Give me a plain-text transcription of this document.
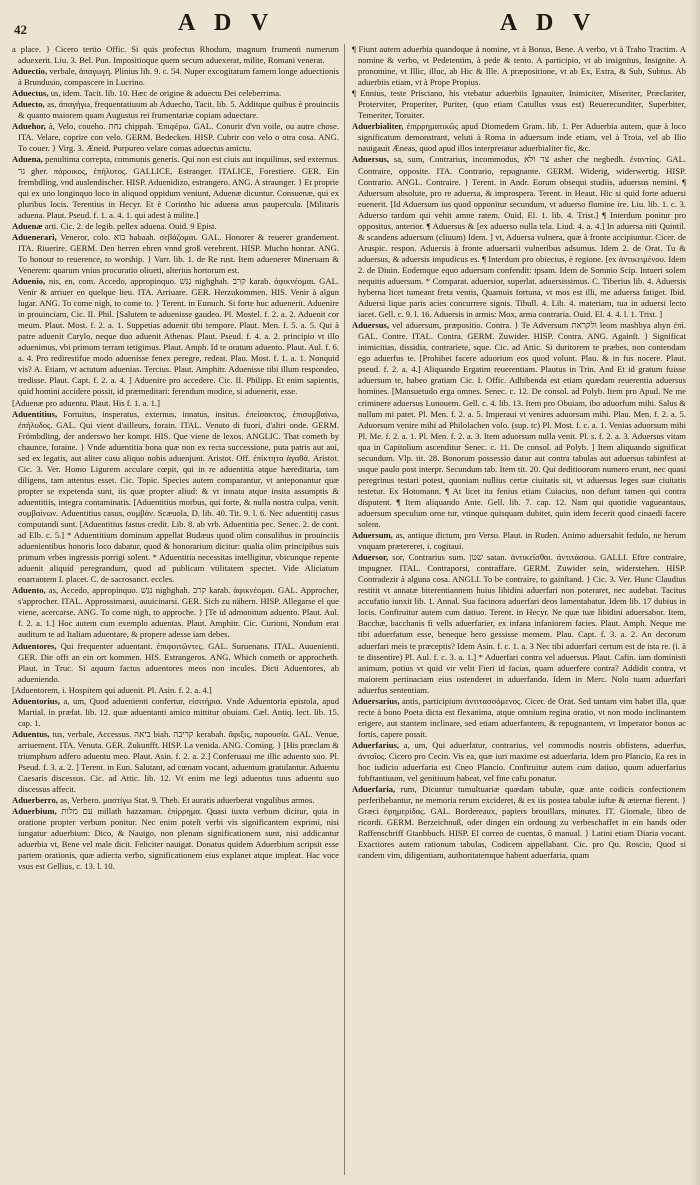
42	A D V	A D V

a place. } Cicero tertio Offic. Si quis profectus Rhodum, magnum frumenti numerum aduexerit. Liu. 3. Bel. Pun. Impositioque quem secum aduexerat, milite, Romani venerat.

Aduectio, verbale, ἀπαγωγή. Plinius lib. 9. c. 54. Nuper excogitatum famem longe aduectionis à Brundusio, compascere in Lucrino.

Aduectus, us, idem. Tacit. lib. 10. Hæc de origine & aduectu Dei celeberrima.

Aduecto, as, ἀπαγήγω, frequentatiuum ab Aduecho, Tacit. lib. 5. Additque quibus è prouinciis & quanto maiorem quam Augustus rei frumentariæ copiam aduectare.

Aduehor, à, Velo, coueho. נחת chippah. Ἐπιφέρω. GAL. Conurir d'vn voile, ou autre chose. ITA. Velare, coprire con velo. GERM. Bedecken. HISP. Cubrir con velo o otra cosa. ANG. To couer. } Virg. 3. Æneid. Purpureo velare comas aduectus amictu.

Aduena, penultima correpta, communis generis. Qui non est ciuis aut inquilinus, sed externus. גר gher. πάροικος, ἐπήλυτος. GALLICE, Estranger. ITALICE, Forestiere. GER. Ein frembdling, vnd auslendischer. HISP. Aduenidizo, estrangero. ANG. A straunger. } Et proprie qui ex uno longinquo loco in aliquod oppidum veniunt, Aduenæ dicuntur. Consuenæ, qui ex pluribus locis. Terentius in Hecyr. Et è Corintho hic aduena anus paupercula. [Militaris aduena. Plaut. Pseud. f. 1. a. 4. 1. qui adest à milite.]

Aduenæ arti. Cic. 2. de legib. pellex aduena. Ouid. 9 Epist.

Aduenerari, Veneror, colo. בוא habaah. σεβάζομαι. GAL. Honorer & reuerer grandement. ITA. Riuerire. GERM. Den herren ehren vnnd groß verehrent. HISP. Mucho honrar. ANG. To honour to reuerence, to worship. } Varr. lib. 1. de Re rust. Item aduenerer Mineruam & Venerem: quarum vnius procuratio oliueti, alterius hortorum est.

Aduenio, nis, en, com. Accedo, appropinquo. נִגַּשׁ nighghah. קרב karab. ἀφικνέομαι. GAL. Venir & arriuer en quelque lieu. ITA. Arriuare. GER. Herzukommen. HIS. Venir à algun lugar. ANG. To come nigh, to come to. } Terent. in Eunuch. Si forte huc aduenerit. Aduenire in prouinciam, Cic. II. Phil. [Salutem te aduenisse gaudeo. Pl. Mostel. f. 2. a. 2. Aduenit cor meum. Plaut. Most. f. 2. a. 1. Suppetias aduenit tibi tempore. Plaut. Men. f. 5. a. 5. Qui à patre aduenit Carylo, neque duo aduenit Athenas. Plaut. Pseud. f. 4. a. 2. principio vt illo aduenimus, vbi primum terram tetigimus. Plaut. Amph. Id te oratum aduento. Plaut. Aul. f. 6. a. 4. Pro redirestifue modo aduenisse fenex peregre, redeat. Plau. Most. f. 1. a. 1. Nonquid vis? A. Etiam, vt actutum aduenias. Tercius. Plaut. Amphitr. Aduenisse tibi illum respondeo, tredisse. Plaut. Capt. f. 2. a. 4. ] Aduenire pro accedere. Cic. II. Philipp. Et enim sapientis, quid homini accidere possit, id præmeditari: ferendum modice, si aduenerit, esse.

[Aduenæ pro aduentu. Plaut. His f. 1. a. 1.]

Aduentitius, Fortuitus, insperatus, externus, innatus, insitus. ἐπείσακτος, ἐπισυμβαίνω, ἐπήλυδος. GAL. Qui vient d'ailleurs, forain. ITAL. Venuto di fuori, d'altri onde. GERM. Frömbdling, der anderswo her kompt. HIS. Que viene de lexos. ANGLIC. That cometh by chaunce, foraine. } Vnde aduentitia bona quæ non ex recta successione, puta patris aut aui, sed ex legatis, aut aliter casu aliquo nobis aduenjunt. Aristot. Off. ἐπίκτητα ἀγαθά. Aristot. Cic. 3. Ver. Homo Ligurem acculare cœpit, qui in re aduentitia atque hæreditaria, tam diligens, tam attentus esset. Cic. Topic. Species autem comparantur, vt anteponantur quæ propter se expetenda sunt, iis quæ propter aliud: & vt innata atque insita assumptis & aduentitiis, integra contaminatis. [Aduentitius morbus, qui forte, & nulla nostra culpa, venit. συμβαίνων. Aduentitius casus, συμβάν. Scæuola, D. lib. 40. Tit. 9. l. 6. Nec aduentitij casus computandi sunt. [Aduentitius fastus credit. Lib. 8. ab vrb. Aduentitia pec. Senec. 2. de cont. ad Elb. c. 5.] * Aduentitium dominum appellat Budæus quod olim consulibus in prouinciis aduenientibus honoris loco dabatur, quod & honorarium dicitur: qualia olim principibus suis primum vrbes ingressis porrigi solent. * Aduentitia necessitas intelligitur, vbicunque repente aduenit aliquid peregrandum, quod ad publicam vtilitatem spectet. Vide Aliciatum enarrantem I. placet. C. de sacrosanct. eccles.

Aduento, as, Accedo, appropinquo. נִגַּשׁ nighghah. קרב karab. ἀφικνέομαι. GAL. Approcher, s'approcher. ITAL. Approssimarsi, auuicinarsi. GER. Sich zu nähern. HISP. Allegarse el que viene, acercarse. ANG. To come nigh, to approche. } [Te id admonitum aduento. Plaut. Aul. f. 2. a. 1.] Hoc autem cum exemplo aduentas. Plaut. Amphitr. Cic. Curioni, Nondum erat auditum te ad Italiam aduentare, & propere adesse iam debes.

Aduentores, Qui frequenter aduentant. ἐπιφοιτῶντες. GAL. Suruenans. ITAL. Auuenienti. GER. Die offt an ein ort kommen. HIS. Estrangeros. ANG. Which cometh or approcheth. Plaut. in Truc. Si aquum factus aduentores meos non incules. Dicti Aduentores, ab adueniendo.

[Aduentorem, i. Hospitem qui aduenit. Pl. Asin. f. 2. a. 4.]

Aduentorius, a, um, Quod aduenienti confertur, εἰσιτήρια. Vnde Aduentoria epistola, apud Martial. in præfat. lib. 12. quæ aduentanti amico mittitur obuiam. Cæl. Antiq. lect. lib. 15. cap. 1.

Aduentus, tus, verbale, Accessus. ביאה biah. קריבה kerabah. ἄφιξις, παρουσία. GAL. Venue, arriuement. ITA. Venuta. GER. Zukunfft. HISP. La venida. ANG. Coming. } [His præclam & triumphum adfero aduentu meo. Plaut. Asin. f. 2. a. 2.] Conferuaui me illic aduento suo. Pl. Pseud. f. 3. a. 2. ] Terent. in Eun. Salutant, ad cœnam vocant, aduentum gratulantur. Aduentu Caesaris discessus. Cic. ad Attic. lib. 12. Vt enim me legi aduentus tuus aduentu suo discessus affecit.

Aduerberro, as, Verbero. μαστίγω Stat. 9. Theb. Et auratis aduerberat vngulibus armos.

Aduerbium, עם מלות millath hazzaman. ἐπίρρημα. Quasi iuxta verbum dicitur, quia in oratione propter verbum ponitur. Nec enim poteſt verbi vis significantem exprimi, nisi iungatur aduerbium: Dico, & Nauigo, non plenam significationem sunt, nisi addicantur aduerbia vt, Bene vel male dicit. Feliciter nauigat. Donatus quidem Aduerbium scripsit esse partem orationis, quæ adiecta verbo, significationem eius explanet atque impleat. Hac voce vsus est Gellius, c. 13. l. 10.

¶ Fiunt autem aduerbia quandoque à nomine, vt à Bonus, Bene. A verbo, vt à Traho Tractim. A nomine & verbo, vt Pedetentim, à pede & tento. A participio, vt ab insignitus, Insignite. A pronomine, vt Illic, illuc, ab Hic & Ille. A præpositione, vt ab Ex, Extra, & Sub, Subtus. Ab aduerbiis etiam, vt à Prope Propius.

¶ Ennius, teste Prisciano, his vtebatur aduerbiis Ignauiter, Inimiciter, Miseriter, Præclariter, Proterviter, Properiter, Puriter, (quo etiam Catullus vsus est) Reuerecunditer, Superbiter, Temeriter, Toruiter.

Aduerbialiter, ἐπιρρηματικῶς apud Diomedem Gram. lib. 1. Per Aduerbia autem, quæ à loco significatum demonstrant, veluti à Roma in aduersum inde etiam, vel à Troia, vel ab Ilio nauigauit Æneas, quod apud illos interpretatur aduerbialiter fic, &c.

Aduersus, sa, sum, Contrarius, incommodus, צר ולא asher che negbedh. ἐναντίος. GAL. Contraire, opposite. ITA. Contrario, repugnante. GERM. Widerig, widerwertig. HISP. Contrario. ANGL. Contraire. } Terent. in Andr. Eorum obsequi studiis, aduersus nemini. ¶ Aduersum absolute, pro re aduersa, & improspera. Terent. in Heaut. Hic si quid forte aduersi euenerit. [Id Aduersum ius quod opponitur secundum, vt aduerso flumine ire. Liu. lib. 1. c. 3. Aduerso tardum qui vehit amne ratem. Ouid. El. 1. lib. 4. Trist.] ¶ Interdum ponitur pro oppositus, anterior. ¶ Aduersus & [ex aduerso nulla tela. Liud. 4. a. 4.] In aduersa niti Quintil. & scandens aduersum (cliuum) Idem. ] vt, Aduersa vulnera, quæ à fronte accipiuntur. Cicer. de Aruspic. respon. Aduersis à fronte aduersarii vulneribus adsumus. Idem 2. de Orat. Tu & aduersus, & aduersis impudicus es. ¶ Interdum pro obiectus, è regione. [ex ἀντικειμένου. Idem 2. de Diuin. Eodemque equo aduersum confendit: tpsam. Idem de Somnio Scip. Intueri solem nequitis aduersum. * Comparat. aduersior, superlat. aduersissimus. C. Tiberius lib. 4. Aduersis hyberna licet tumeant freta ventis, Quamuis fortuna, vt mos est illi, me aduersa fatiget. Ibid. Aduersi lique paris acies concurrere signis. Tibull. 4. Lib. 4. materiam, tua in aduersi lecto iacet. Gell. c. 9. l. 16. Aduersis in armis: Mox, arma contraria. Ouid. El. 4. 4. l. 1. Trist. ]

Aduersus, vel aduersum, præpositio. Contra. } Te Adversum ולקראת leom mashbya ahyn ἐπί. GAL. Contre. ITAL. Contra. GERM. Zuwider. HISP. Contra. ANG. Againſt. } Significat inimicitias, dissidia, contrariete, sque. Cic. ad Attic. Si duritorem te præbes, non contendam ego aduerfus te. [Prohibet facere aduorium eos quod volunt. Plau. & in fus nocere. Plaut. pseud. f. 2. a. 4.] Aliquando Ergatim reuerentiam. Plautus in Trin. And Et id gratum fuisse aduersum te, habeo gratiam Cic. I. Offic. Adhibenda est etiam quædam reuerentia aduersus homines. [Mansuetudo erga omnes. Senec. c. 12. De consol. ad Polyb. Item pro Apud. Ne me criminere aduersus Lunouem. Gell. c. 4. lib. 13. Item pro Obuiam, ibo aduorfum mihi. Salus & nullum mi patet. Pl. Men. f. 2. a. 5. Imperaui vt venires aduorsum mihi. Plau. Men. f. 2. a. 5. Aduorsum venire mihi ad Philolachen volo. (sup. tc) Pl. Most. f. c. a. 1. Venias aduorsum mihi Pl. Me. f. 2. a. 1. Pl. Men. f. 2. a. 3. Item aduorsum nulla venit. Pl. s. f. 2. a. 3. Aduersus vitam qua in Capitolium ascenditur Senec. c. 11. De consol. ad Polyb. ] Item aliquando significat secundum. Vlp. tit. 28. Bonorum possessio datur aut contra tabulas aut aduersus tabinfest at usque paulo post interpr. Secundum tab. Item tit. 20. Qui deditioorum numero erunt, nec quasi peregrinus testari potest, quoniam nullius certæ ciuitatis sit, vt aduersus leges suæ ciuitatis testetur. Ex Hotomann. ¶ At licet ita fenius etiam Cuiacius, non defunt tamen qui contra disputent. ¶ Item aliquando Ante. Gell. lib. 7. cap. 12. Nam qui quotidie vagueantaus, aduersum speculum orne tur, vtinque quisquam dubitet, quin idem fecerit quod cinaedi facere solent.

Aduersum, as, antique dictum, pro Verso. Plaut. in Ruden. Animo aduersabit fedulo, ne herum vnquam prætereret, i. cogitaui.

Aduersor, sor, Contrarius sum. שטן satan. ἀντικεῖσθαι. ἀντιτάσσω. GALLI. Eftre contraire, impugner. ITAL. Contraporsi, contraffare. GERM. Zuwider sein, widerstehen. HISP. Contradezir à alguna cosa. ANGLI. To be contraire, to gainſtand. } Cic. 3. Ver. Hunc Claudius restitit vt annatæ biterentiannem huius libidini aduerfari non poteraret, nec audebat. Tacitus accufatio iunxit lib. 1. Annal. Sua facinora aduerfari deos lamentabatur. Idem lib. 17 dubius in locis. Conftruitur autem cum datiuo. Terent. in Hecyr. Ne quæ tuæ libidini aduersabor. Item, Bacchæ, bacchanis fi vells aduerfarier, ex infana infaniorem facies. Plaut. Amph. Neque me tibi aduerfatum esse, beneque hero gessisse memem. Plau. Capt. f. 3. a. 2. An decorum aduerfari meis te præceptis? Idem Asin. f. c. 1. a. 3 Nec tibi aduerfari certum est de ista re. (i. à te dissentire) Pl. Aul. f. c. 3. a. 1.] * Aduerfari contra vel aduersus. Plaut. Cafin. iam doministi animum, potius vt quid vir velit Fieri id facias, quam aduerfere contra? Addidit contra, vt maiorem pertinaciam eius ostenderet in aduerfando. Idem in Merc. Nolo tuam aduerfari aduerfus sententiam.

Aduersarius, antis, participium ἀντιτασσόμενος. Cicer. de Orat. Sed tantam vim habet illa, quæ recte à bono Poeta dicta est flexanima, atque omnium regina oratio, vt non modo inclinantem erigere, aut stantem inclinare, sed etiam aduerfantem, & repugnantem, vt Imperator bonus ac fortis, capere possit.

Aduerfarius, a, um, Qui aduerfatur, contrarius, vel commodis nostris obfistens, aduerfus, ἀνταῖος. Cicero pro Cecin. Vis ea, quæ iuri maxime est aduerfaria. Idem pro Plancio, Ea res in hoc iudicio aduerfaria est Cneo Plancio. Conftruitur autem cum datiuo, quum aduerfarius fubftantiuum, vel genitiuum habeat, vel fine cafu ponatur.

Aduerfaria, rum, Dicuntur tumultuariæ quædam tabulæ, quæ ante codicis confectionem perferibebantur, ne memoria rerum excideret, & ex iis postea tabulæ iuftæ & æternæ fierent. } Græci ἐφημερίδας. GAL. Bordereaux, papiers brouillars, minutes. IT. Giornale, libro de ricordi. GERM. Berzeichnuß, oder dingen ein ordnung zu verbeschaffet in ein hands oder Raffenschriff Gtanbbuch. HISP. El correo de cuentas, ô manual. } Latini etiam Diaria vocant. Exactiores autem rationum tabulas, Codicem appellabant. Cic. pro Qu. Roscio, Quod si candem vim, diligentiam, authoritatemque habent aduerfaria, quam
